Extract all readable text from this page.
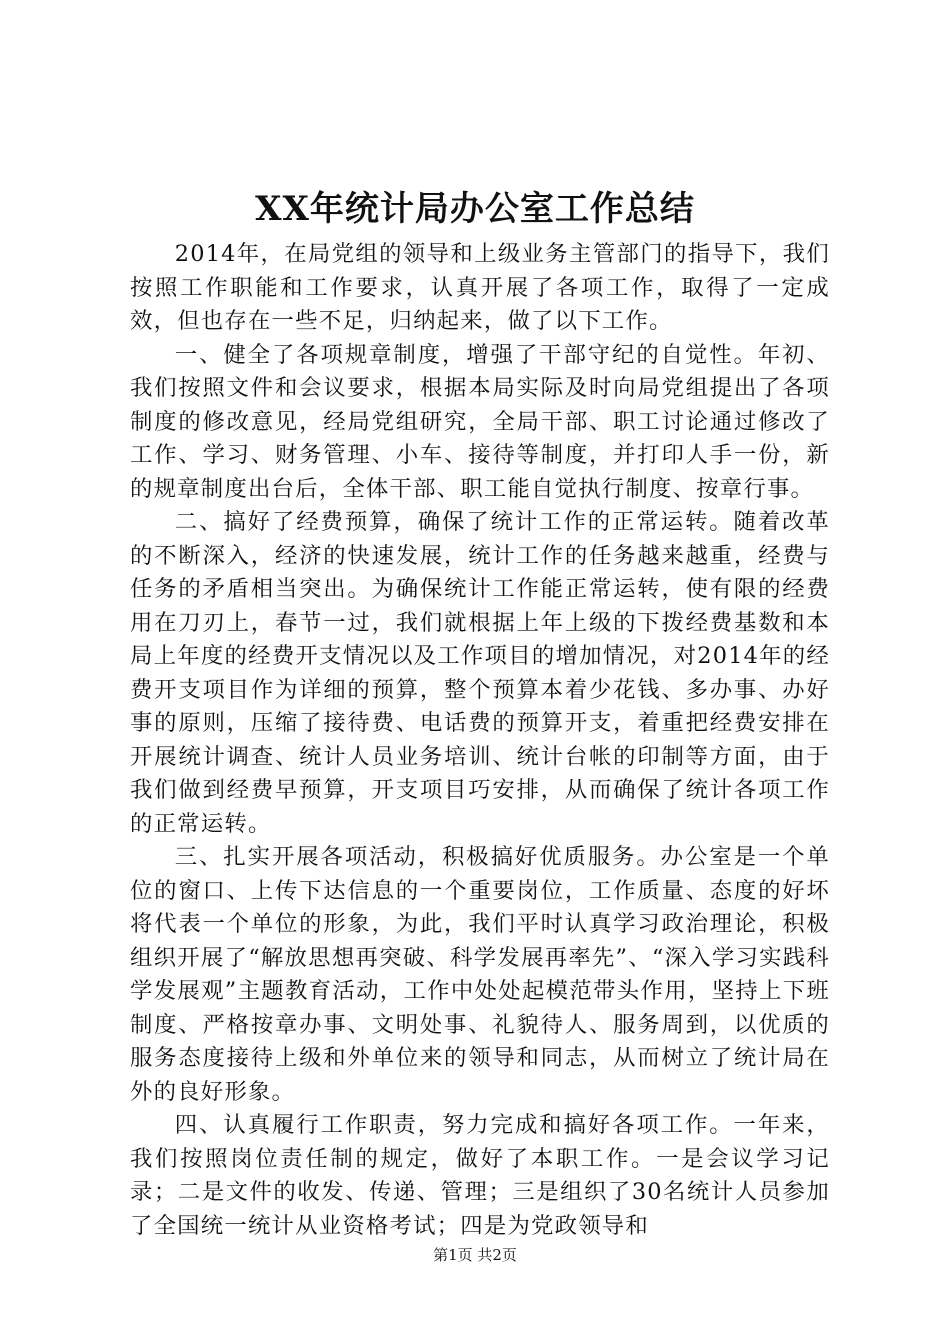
XX年统计局办公室工作总结

2014年，在局党组的领导和上级业务主管部门的指导下，我们按照工作职能和工作要求，认真开展了各项工作，取得了一定成效，但也存在一些不足，归纳起来，做了以下工作。

一、健全了各项规章制度，增强了干部守纪的自觉性。年初、我们按照文件和会议要求，根据本局实际及时向局党组提出了各项制度的修改意见，经局党组研究，全局干部、职工讨论通过修改了工作、学习、财务管理、小车、接待等制度，并打印人手一份，新的规章制度出台后，全体干部、职工能自觉执行制度、按章行事。

二、搞好了经费预算，确保了统计工作的正常运转。随着改革的不断深入，经济的快速发展，统计工作的任务越来越重，经费与任务的矛盾相当突出。为确保统计工作能正常运转，使有限的经费用在刀刃上，春节一过，我们就根据上年上级的下拨经费基数和本局上年度的经费开支情况以及工作项目的增加情况，对2014年的经费开支项目作为详细的预算，整个预算本着少花钱、多办事、办好事的原则，压缩了接待费、电话费的预算开支，着重把经费安排在开展统计调查、统计人员业务培训、统计台帐的印制等方面，由于我们做到经费早预算，开支项目巧安排，从而确保了统计各项工作的正常运转。

三、扎实开展各项活动，积极搞好优质服务。办公室是一个单位的窗口、上传下达信息的一个重要岗位，工作质量、态度的好坏将代表一个单位的形象，为此，我们平时认真学习政治理论，积极组织开展了“解放思想再突破、科学发展再率先”、“深入学习实践科学发展观”主题教育活动，工作中处处起模范带头作用，坚持上下班制度、严格按章办事、文明处事、礼貌待人、服务周到，以优质的服务态度接待上级和外单位来的领导和同志，从而树立了统计局在外的良好形象。

四、认真履行工作职责，努力完成和搞好各项工作。一年来，我们按照岗位责任制的规定，做好了本职工作。一是会议学习记录；二是文件的收发、传递、管理；三是组织了30名统计人员参加了全国统一统计从业资格考试；四是为党政领导和

第1页 共2页
